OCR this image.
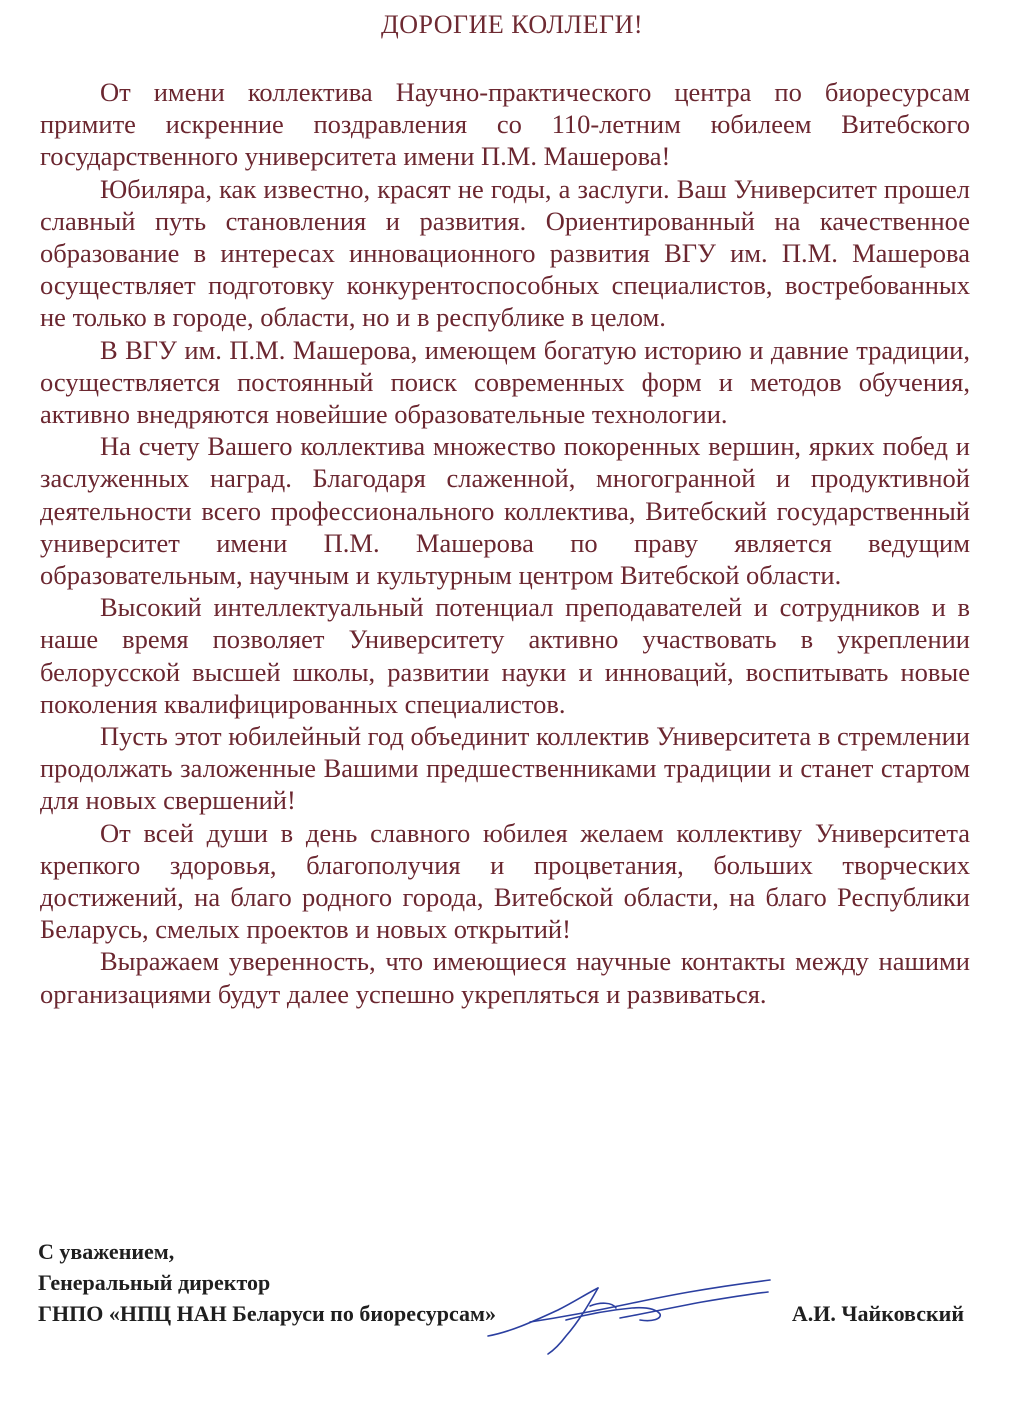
ДОРОГИЕ КОЛЛЕГИ!

От имени коллектива Научно-практического центра по биоресурсам примите искренние поздравления со 110-летним юбилеем Витебского государственного университета имени П.М. Машерова!

Юбиляра, как известно, красят не годы, а заслуги. Ваш Университет прошел славный путь становления и развития. Ориентированный на качественное образование в интересах инновационного развития ВГУ им. П.М. Машерова осуществляет подготовку конкурентоспособных специалистов, востребованных не только в городе, области, но и в республике в целом.

В ВГУ им. П.М. Машерова, имеющем богатую историю и давние традиции, осуществляется постоянный поиск современных форм и методов обучения, активно внедряются новейшие образовательные технологии.

На счету Вашего коллектива множество покоренных вершин, ярких побед и заслуженных наград. Благодаря слаженной, многогранной и продуктивной деятельности всего профессионального коллектива, Витебский государственный университет имени П.М. Машерова по праву является ведущим образовательным, научным и культурным центром Витебской области.

Высокий интеллектуальный потенциал преподавателей и сотрудников и в наше время позволяет Университету активно участвовать в укреплении белорусской высшей школы, развитии науки и инноваций, воспитывать новые поколения квалифицированных специалистов.

Пусть этот юбилейный год объединит коллектив Университета в стремлении продолжать заложенные Вашими предшественниками традиции и станет стартом для новых свершений!

От всей души в день славного юбилея желаем коллективу Университета крепкого здоровья, благополучия и процветания, больших творческих достижений, на благо родного города, Витебской области, на благо Республики Беларусь, смелых проектов и новых открытий!

Выражаем уверенность, что имеющиеся научные контакты между нашими организациями будут далее успешно укрепляться и развиваться.

С уважением,
Генеральный директор
ГНПО «НПЦ НАН Беларуси по биоресурсам»	А.И. Чайковский
